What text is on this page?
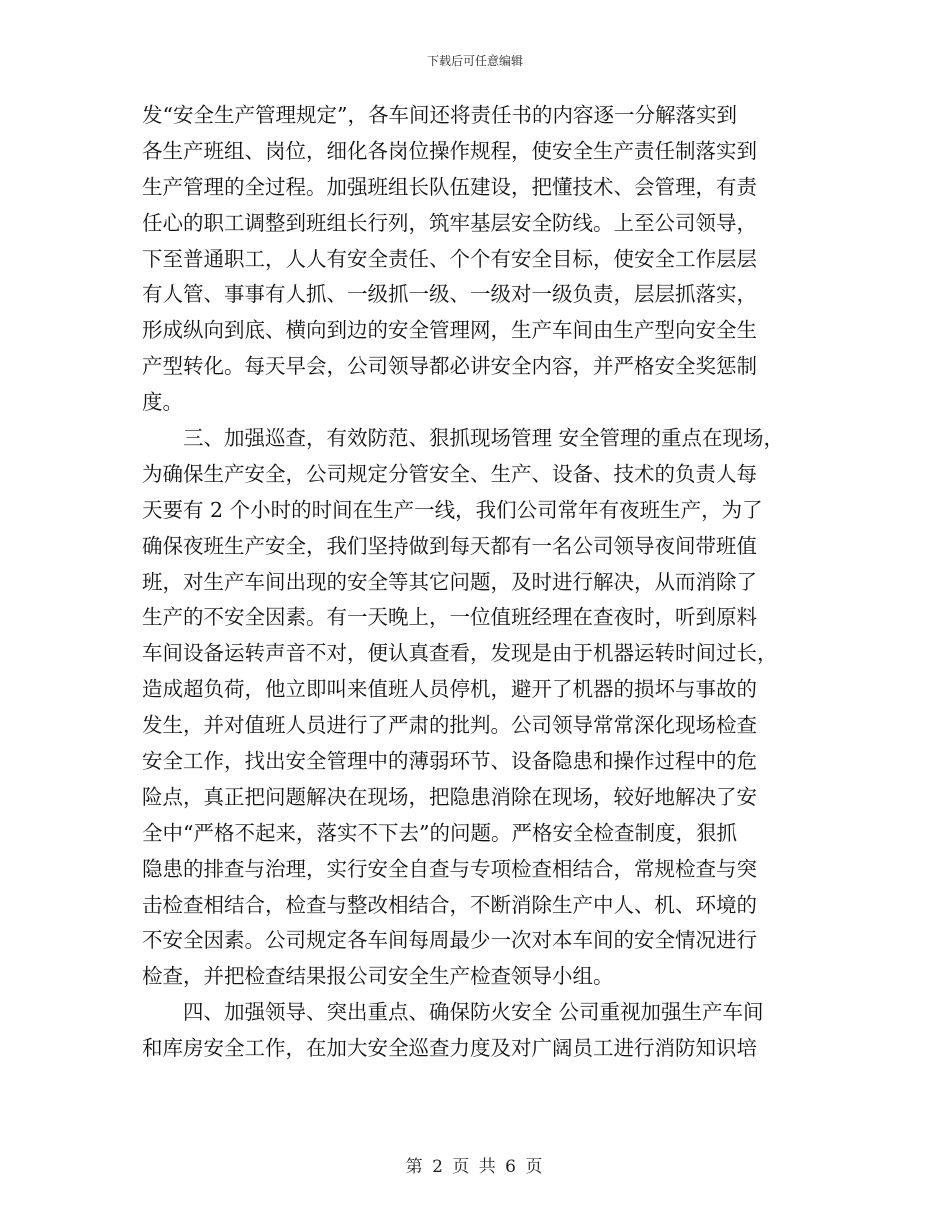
下载后可任意编辑
发“安全生产管理规定”，各车间还将责任书的内容逐一分解落实到
各生产班组、岗位，细化各岗位操作规程，使安全生产责任制落实到
生产管理的全过程。加强班组长队伍建设，把懂技术、会管理，有责
任心的职工调整到班组长行列，筑牢基层安全防线。上至公司领导，
下至普通职工，人人有安全责任、个个有安全目标，使安全工作层层
有人管、事事有人抓、一级抓一级、一级对一级负责，层层抓落实，
形成纵向到底、横向到边的安全管理网，生产车间由生产型向安全生
产型转化。每天早会，公司领导都必讲安全内容，并严格安全奖惩制
度。
　　三、加强巡查，有效防范、狠抓现场管理 安全管理的重点在现场，
为确保生产安全，公司规定分管安全、生产、设备、技术的负责人每
天要有 2 个小时的时间在生产一线，我们公司常年有夜班生产，为了
确保夜班生产安全，我们坚持做到每天都有一名公司领导夜间带班值
班，对生产车间出现的安全等其它问题，及时进行解决，从而消除了
生产的不安全因素。有一天晚上，一位值班经理在查夜时，听到原料
车间设备运转声音不对，便认真查看，发现是由于机器运转时间过长，
造成超负荷，他立即叫来值班人员停机，避开了机器的损坏与事故的
发生，并对值班人员进行了严肃的批判。公司领导常常深化现场检查
安全工作，找出安全管理中的薄弱环节、设备隐患和操作过程中的危
险点，真正把问题解决在现场，把隐患消除在现场，较好地解决了安
全中“严格不起来，落实不下去”的问题。严格安全检查制度，狠抓
隐患的排查与治理，实行安全自查与专项检查相结合，常规检查与突
击检查相结合，检查与整改相结合，不断消除生产中人、机、环境的
不安全因素。公司规定各车间每周最少一次对本车间的安全情况进行
检查，并把检查结果报公司安全生产检查领导小组。
　　四、加强领导、突出重点、确保防火安全 公司重视加强生产车间
和库房安全工作，在加大安全巡查力度及对广阔员工进行消防知识培
第 2 页 共 6 页
